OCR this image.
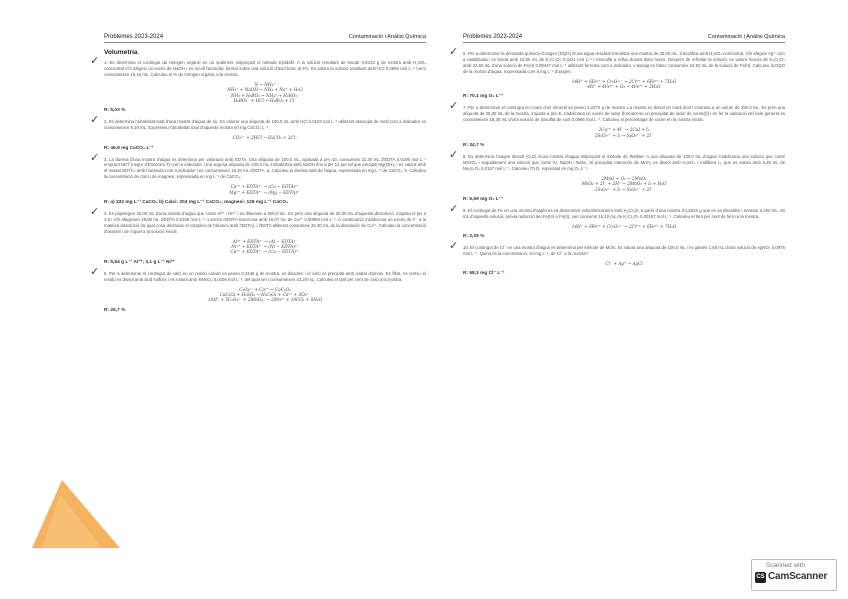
Problemes 2023-2024	Contaminació i Anàlisi Química
Volumetria
✓ 1. Es determina el contingut de nitrogen orgànic en un sediment mitjançant el mètode Kjeldahl. A la solució resultant de tractar 0,5013 g de mostra amb H₂SO₄ concentrat s'hi afegeix un excés de NaOH i es recull l'amoníac format sobre una solució d'àcid bòric al 4%. Es valora la solució resultant amb HCl 0,0992 mol L⁻¹ i se'n consumeixen 18,15 mL. Calculeu el % de nitrogen orgànic a la mostra.
N → NH₄⁺
NH₄⁺ + NaOH → NH₃ + Na⁺ + H₂O
NH₃ + H₃BO₃ → NH₄⁺ + H₂BO₃⁻
H₂BO₃⁻ + HCl → H₃BO₃ + Cl⁻
R: 5,03 %
✓ 2. Es determina l'alcalinitat total d'una mostra d'aigua de riu. En valorar una alíquota de 100,0 mL amb HCl 0,0103 mol L⁻¹ utilitzant ataronjat de metil com a indicador es consumeixen 9,10 mL. Expresseu l'alcalinitat total d'aquesta mostra en mg CaCO₃ L⁻¹.
CO₃²⁻ + 2HCl → H₂CO₃ + 2Cl⁻
R: 46,9 mg CaCO₃ L⁻¹
✓ 3. La duresa d'una mostra d'aigua es determina per valoració amb EDTA. Una alíquota de 100,0 mL, ajustada a pH=10, consumeix 31,30 mL d'EDTA 0,0106 mol L⁻¹ emprant NET (negre d'Eriocrom T) com a indicador. Una segona alíquota de 100,0 mL s'alcalinitza amb NaOH fins a pH 12 per tal que precipiti Mg(OH)₂ i es valora amb el mateix EDTA i amb murexida com a indicador i es consumeixen 19,20 mL d'EDTA. a. Calculeu la duresa total de l'aigua, expressada en mg L⁻¹ de CaCO₃. b. Calculeu la concentració de calci i de magnesi, expressada en mg L⁻¹ de CaCO₃.
Ca²⁺ + EDTA⁴⁻ → (Ca − EDTA)²⁻
Mg²⁺ + EDTA⁴⁻ → (Mg − EDTA)²⁻
R: a) 332 mg L⁻¹ CaCO₃ b) Calci: 204 mg L⁻¹ CaCO₃; magnesi: 128 mg L⁻¹ CaCO₃
✓ 4. Es piipetegen 25,00 mL d'una mostra d'aigua que conté Al³⁺ i Ni²⁺ i es dilueixen a 500,0 mL. Es pren una alíquota de 25,00 mL d'aquesta dissolució, s'ajusta el pH a 4,5 i s'hi afegeixen 25,00 mL d'EDTA 0,0188 mol L⁻¹. L'excés d'EDTA reacciona amb 10,07 mL de Cu²⁺ 0,00993 mol L⁻¹. A continuació s'addiciona un excés de F⁻ a la mateixa dissolució (la qual cosa destrueix el complex de l'alumini amb l'EDTA), i l'EDTA alliberat consumeix 26,30 mL de la dissolució de Cu²⁺. Calculeu la concentració d'alumini i de níquel a la solució inicial.
Al³⁺ + EDTA⁴⁻ → (Al − EDTA)⁻
Ni²⁺ + EDTA⁴⁻ → (Ni − EDTA)²⁻
Cu²⁺ + EDTA⁴⁻ → (Cu − EDTA)²⁻
R: 5,64 g L⁻¹ Al³⁺; 3,1 g L⁻¹ Ni²⁺
✓ 5. Per a determinar el contingut de calci en un residu calcari es pesen 0,3445 g de mostra, es dissolen i el calci es precipita amb oxalat d'amoni. Es filtra, es renta i el residu es dissol amb àcid sulfúric i es valora amb KMnO₄ 0,0205 mol L⁻¹, del qual se'n consumeixen 43,20 mL. Calculeu el tant per cent de calci a la mostra.
C₂O₄²⁻ + Ca²⁺ → CaC₂O₄
CaC₂O₄ + H₂SO₄ → H₂C₂O₄ + Ca²⁺ + SO₄²⁻
16H⁺ + 5C₂O₄²⁻ + 2MnO₄⁻ → 2Mn²⁺ + 10CO₂ + 8H₂O
R: 25,7 %
Problemes 2023-2024	Contaminació i Anàlisi Química
✓ 6. Per a determinar la demanda química d'oxigen (DQO) d'una aigua residual s'analitza una mostra de 25,00 mL, s'acidifica amb H₂SO₄ concentrat, s'hi afegeix Ag⁺ com a catalitzador, es tracta amb 10,00 mL de K₂Cr₂O₇ 0,0421 mol L⁻¹ i s'escalfa a reflux durant dues hores. Després de refredar la solució, es valora l'excés de K₂Cr₂O₇ amb 22,60 mL d'una solució de Fe(II) 0,09447 mol L⁻¹ utilitzant ferroïna com a indicador. L'assaig en blanc consumeix 24,92 mL de la solució de Fe(II). Calculeu la DQO de la mostra d'aigua, expressada com a mg L⁻¹ d'oxigen.
14H⁺ + 6Fe²⁺ + Cr₂O₇²⁻ → 2Cr³⁺ + 6Fe³⁺ + 7H₂O
4H⁺ + 4Fe²⁺ + O₂ → 4Fe³⁺ + 2H₂O
R: 70,1 mg O₂ L⁻¹
✓ 7. Per a determinar el contingut en coure d'un mineral es pesen 3,2270 g de mostra. La mostra es dissol en medi àcid i s'enrasa a un volum de 250,0 mL. Es pren una alíquota de 25,00 mL de la mostra, s'ajusta a pH=5, s'addiciona un excés de iodur (formant-se un precipitat de iodur de coure(I)) i en fer la valoració del iode generat es consumeixen 18,25 mL d'una solució de tiosulfat de sodi 0,0966 mol L⁻¹. Calculeu el percentatge de coure en la mostra inicial.
2Cu²⁺ + 4I⁻ → 2CuI + I₂
2S₂O₃²⁻ + I₂ → S₄O₆²⁻ + 2I⁻
R: 34,7 %
✓ 8. Es determina l'oxigen dissolt (O.D) d'una mostra d'aigua mitjançant el mètode de Winkler. A una alíquota de 100,0 mL d'aigua s'addiciona una solució que conté MnSO₄ i seguidament una solució que conté KI, NaOH i NaN₃. El precipitat marronós de MnO₂ es dissol amb H₂SO₄ i s'allibera I₂, que es valora amb 5,25 mL de Na₂S₂O₃ 0,0157 mol L⁻¹. Calculeu l'O.D. expressat en mg O₂ L⁻¹.
2MnO + O₂ → 2MnO₂
MnO₂ + 2I⁻ + 2H⁺ → 2MnO₂ + I₂ + H₂O
2S₂O₃²⁻ + I₂ → S₄O₆²⁻ + 2I⁻
R: 6,59 mg O₂ L⁻¹
✓ 9. El contingut de Fe en una mostra d'argila es va determinar volumètricament amb K₂Cr₂O₇ a partir d'una mostra d'1,5023 g que es va dissoldre i enrasar a 200 mL. 50 mL d'aquesta solució, prèvia reducció del Fe(III) a Fe(II), van consumir 15,10 mL de K₂Cr₂O₇ 0,00167 mol L⁻¹. Calculeu el tant per cent de ferro a la mostra.
14H⁺ + 6Fe²⁺ + Cr₂O₇²⁻ → 2Cr³⁺ + 6Fe³⁺ + 7H₂O
R: 2,25 %
✓ 10. El contingut de Cl⁻ en una mostra d'aigua es determina pel mètode de Mohr. Es valora una alíquota de 100,0 mL i es gasten 1,68 mL d'una solució de AgNO₃ 0,0976 mol L⁻¹. Quina és la concentració, en mg L⁻¹, de Cl⁻ a la mostra?
Cl⁻ + Ag⁺ → AgCl
R: 58,1 mg Cl⁻ L⁻¹
Scanned with
CS CamScanner
